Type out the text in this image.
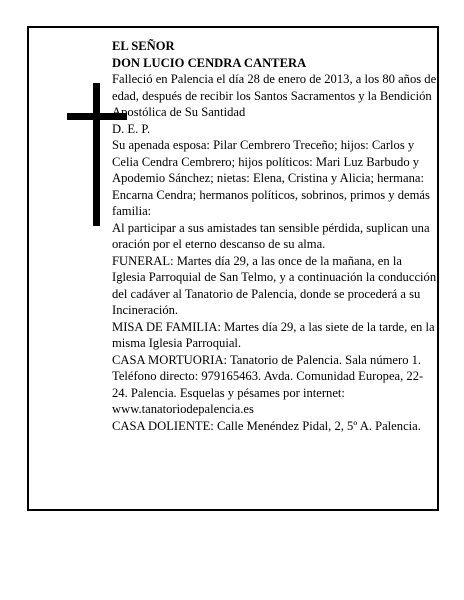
EL SEÑOR

DON LUCIO CENDRA CANTERA

Falleció en Palencia el día 28 de enero de 2013, a los 80 años de edad, después de recibir los Santos Sacramentos y la Bendición Apostólica de Su Santidad

D. E. P.

Su apenada esposa: Pilar Cembrero Treceño; hijos: Carlos y Celia Cendra Cembrero; hijos políticos: Mari Luz Barbudo y Apodemio Sánchez; nietas: Elena, Cristina y Alicia; hermana: Encarna Cendra; hermanos políticos, sobrinos, primos y demás familia:

Al participar a sus amistades tan sensible pérdida, suplican una oración por el eterno descanso de su alma.

FUNERAL: Martes día 29, a las once de la mañana, en la Iglesia Parroquial de San Telmo, y a continuación la conducción del cadáver al Tanatorio de Palencia, donde se procederá a su Incineración.

MISA DE FAMILIA: Martes día 29, a las siete de la tarde, en la misma Iglesia Parroquial.

CASA MORTUORIA: Tanatorio de Palencia. Sala número 1. Teléfono directo: 979165463. Avda. Comunidad Europea, 22-24. Palencia. Esquelas y pésames por internet: www.tanatoriodepalencia.es

CASA DOLIENTE: Calle Menéndez Pidal, 2, 5º A. Palencia.
